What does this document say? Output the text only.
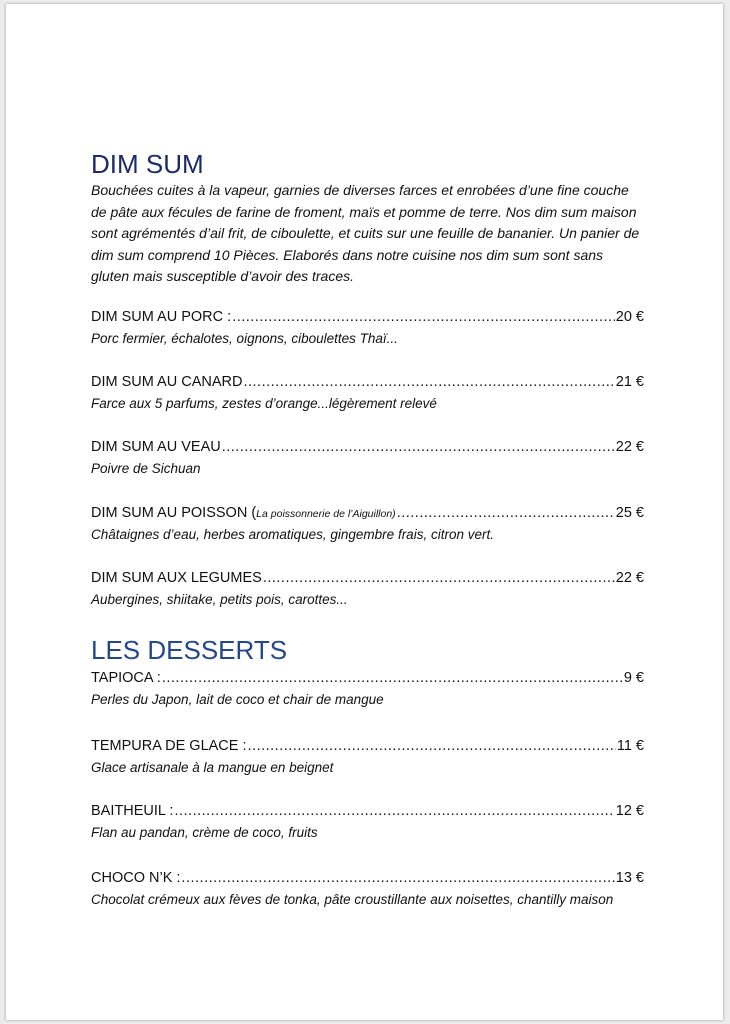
DIM SUM

Bouchées cuites à la vapeur, garnies de diverses farces et enrobées d’une fine couche de pâte aux fécules de farine de froment, maïs et pomme de terre. Nos dim sum maison sont agrémentés d’ail frit, de ciboulette, et cuits sur une feuille de bananier. Un panier de dim sum comprend 10 Pièces. Elaborés dans notre cuisine nos dim sum sont sans gluten mais susceptible d’avoir des traces.

DIM SUM AU PORC : .....	20 €
Porc fermier, échalotes, oignons, ciboulettes Thaï...
DIM SUM AU CANARD .....	21 €
Farce aux 5 parfums, zestes d’orange...légèrement relevé
DIM SUM AU VEAU .....	22 €
Poivre de Sichuan
DIM SUM AU POISSON ( La poissonnerie de l’Aiguillon) .....	25 €
Châtaignes d’eau, herbes aromatiques, gingembre frais, citron vert.
DIM SUM AUX LEGUMES .....	22 €
Aubergines, shiitake, petits pois, carottes...
LES DESSERTS
TAPIOCA : .....	9 €
Perles du Japon, lait de coco et chair de mangue
TEMPURA DE GLACE : .....	11 €
Glace artisanale à la mangue en beignet
BAITHEUIL : .....	12 €
Flan au pandan, crème de coco, fruits
CHOCO N’K : .....	13 €
Chocolat crémeux aux fèves de tonka, pâte croustillante aux noisettes, chantilly maison
